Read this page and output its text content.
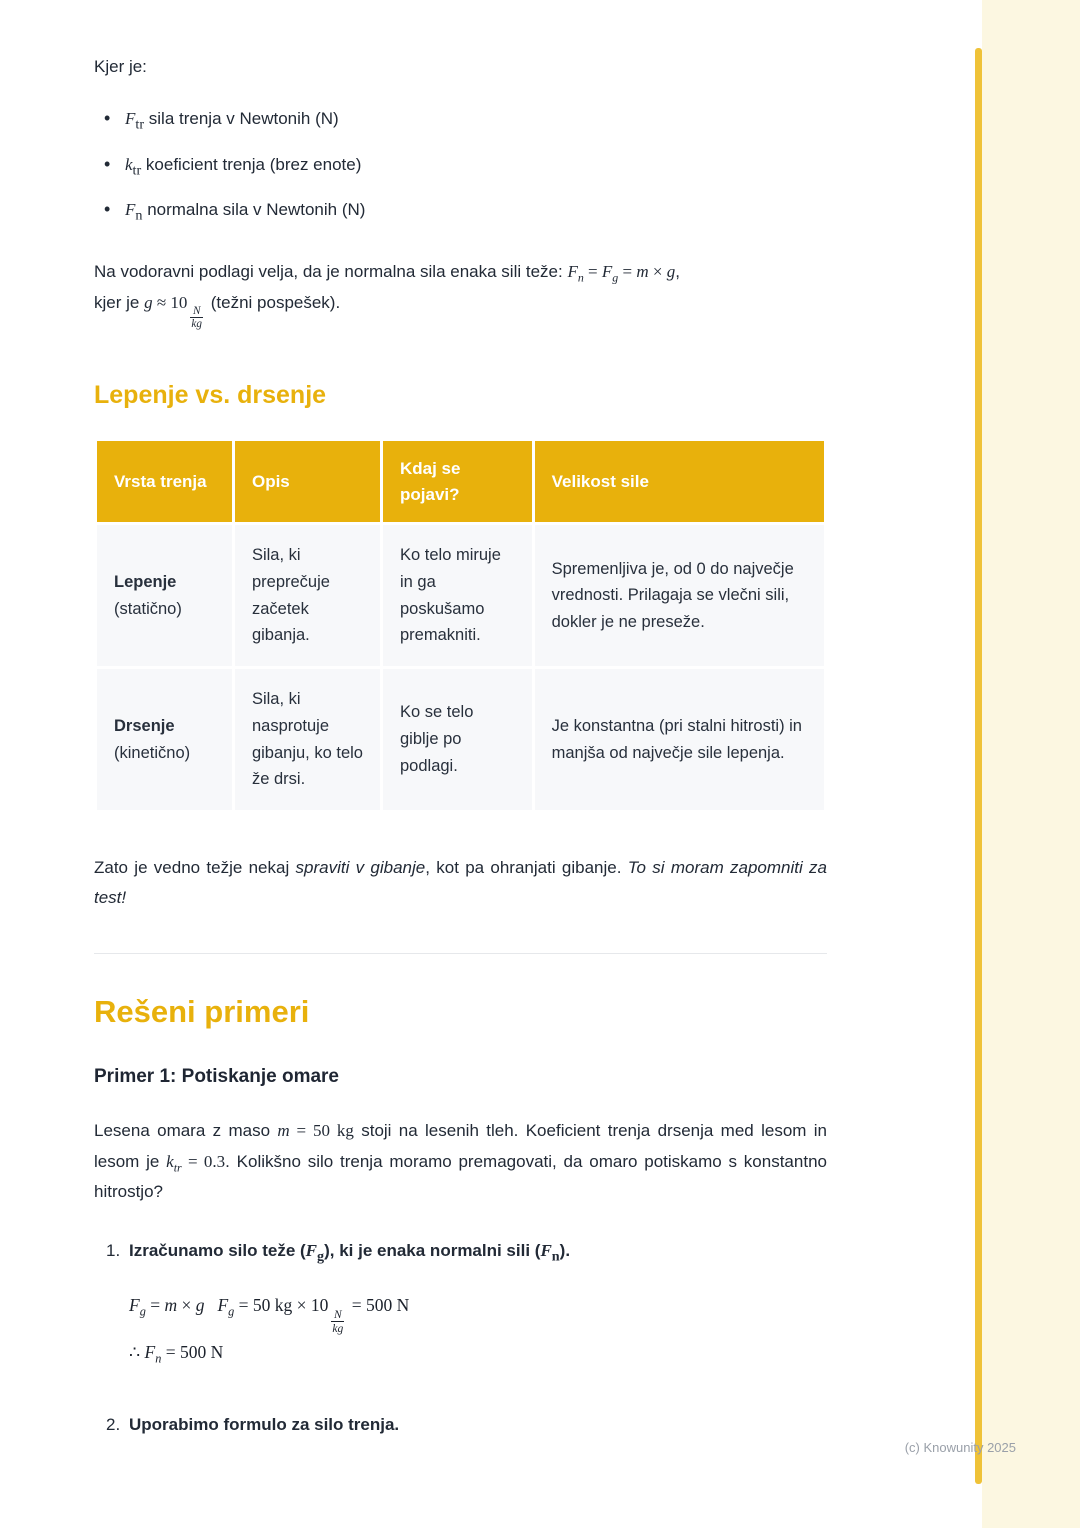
Kjer je:

• $F_{tr}$ sila trenja v Newtonih (N)
• $k_{tr}$ koeficient trenja (brez enote)
• $F_n$ normalna sila v Newtonih (N)

Na vodoravni podlagi velja, da je normalna sila enaka sili teže: $F_n = F_g = m \times g$,
kjer je g ≈ 10
$\frac{N}{kg}$
(težni pospešek).

Lepenje vs. drsenje
Vrsta trenja	Opis	Kdaj se pojavi?	Velikost sile
Lepenje
(statično)	Sila, ki preprečuje začetek gibanja.	Ko telo miruje in ga poskušamo premakniti.	Spremenljiva je, od 0 do največje vrednosti. Prilagaja se vlečni sili, dokler je ne preseže.
Drsenje
(kinetično)	Sila, ki nasprotuje gibanju, ko telo že drsi.	Ko se telo giblje po podlagi.	Je konstantna (pri stalni hitrosti) in manjša od največje sile lepenja.

Zato je vedno težje nekaj spraviti v gibanje, kot pa ohranjati gibanje. To si moram zapomniti za test!

Rešeni primeri
Primer 1: Potiskanje omare

Lesena omara z maso m = 50 kg stoji na lesenih tleh. Koeficient trenja drsenja med lesom in lesom je $k_{tr} = 0.3$. Kolikšno silo trenja moramo premagovati, da omaro potiskamo s konstantno hitrostjo?

1. Izračunamo silo teže $(F_g)$, ki je enaka normalni sili $(F_n)$.
$F_g = m \times g$ $F_g = 50$ kg × 10
$\frac{N}{kg}$
= 500 N
∴ $F_n = 500$ N
2. Uporabimo formulo za silo trenja.
(c) Knowunity 2025
